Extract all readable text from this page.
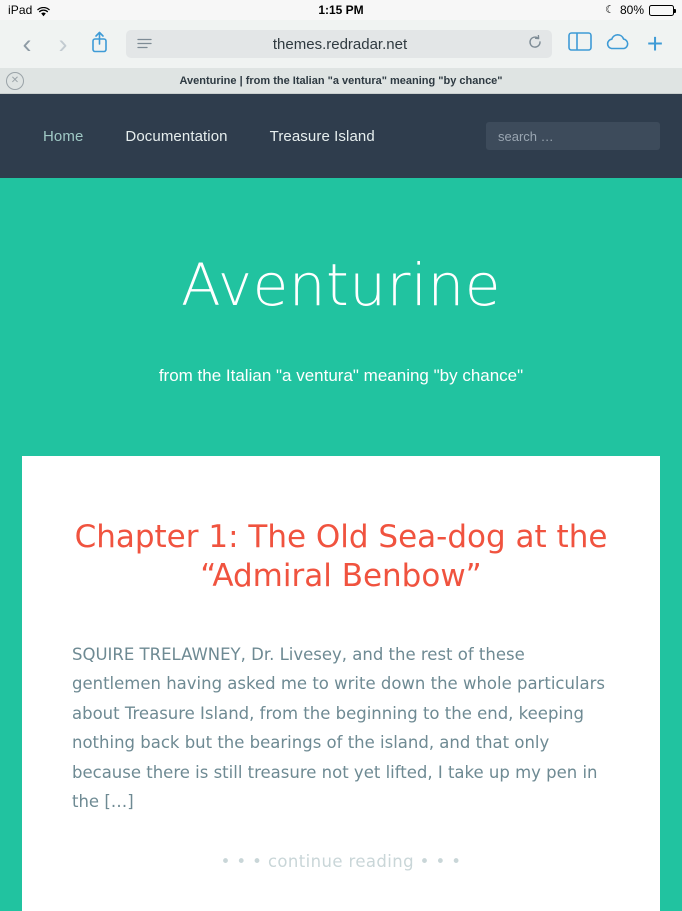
iPad	1:15 PM	☾ 80%
‹	›	themes.redradar.net	+
✕	Aventurine | from the Italian "a ventura" meaning "by chance"
Home	Documentation	Treasure Island
search …
Aventurine
from the Italian "a ventura" meaning "by chance"
Chapter 1: The Old Sea-dog at the “Admiral Benbow”

SQUIRE TRELAWNEY, Dr. Livesey, and the rest of these gentlemen having asked me to write down the whole particulars about Treasure Island, from the beginning to the end, keeping nothing back but the bearings of the island, and that only because there is still treasure not yet lifted, I take up my pen in the […]

• • • continue reading • • •
